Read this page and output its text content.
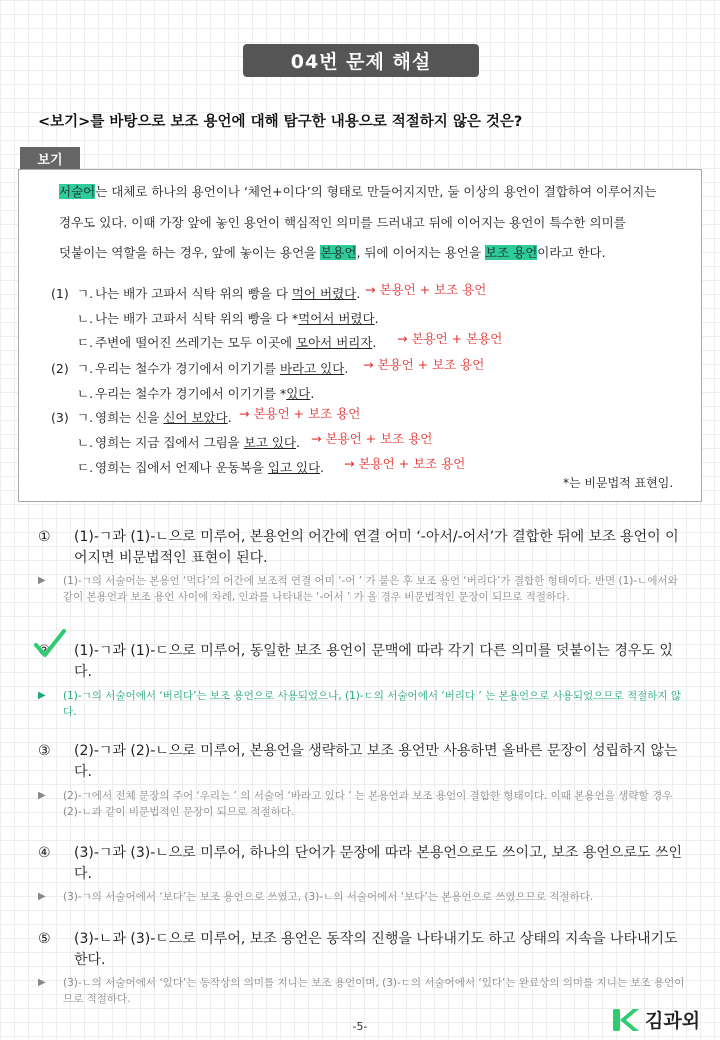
04번 문제 해설
<보기>를 바탕으로 보조 용언에 대해 탐구한 내용으로 적절하지 않은 것은?
보기
서술어는 대체로 하나의 용언이나 ‘체언+이다’의 형태로 만들어지지만, 둘 이상의 용언이 결합하여 이루어지는
경우도 있다. 이때 가장 앞에 놓인 용언이 핵심적인 의미를 드러내고 뒤에 이어지는 용언이 특수한 의미를
덧붙이는 역할을 하는 경우, 앞에 놓이는 용언을 본용언, 뒤에 이어지는 용언을 보조 용언이라고 한다.
(1) ㄱ. 나는 배가 고파서 식탁 위의 빵을 다 먹어 버렸다. → 본용언 + 보조 용언
ㄴ. 나는 배가 고파서 식탁 위의 빵을 다 *먹어서 버렸다.
ㄷ. 주변에 떨어진 쓰레기는 모두 이곳에 모아서 버리자. → 본용언 + 본용언
(2) ㄱ. 우리는 철수가 경기에서 이기기를 바라고 있다. → 본용언 + 보조 용언
ㄴ. 우리는 철수가 경기에서 이기기를 *있다.
(3) ㄱ. 영희는 신을 신어 보았다. → 본용언 + 보조 용언
ㄴ. 영희는 지금 집에서 그림을 보고 있다. → 본용언 + 보조 용언
ㄷ. 영희는 집에서 언제나 운동복을 입고 있다. → 본용언 + 보조 용언
*는 비문법적 표현임.
① (1)-ㄱ과 (1)-ㄴ으로 미루어, 본용언의 어간에 연결 어미 ‘-아서/-어서’가 결합한 뒤에 보조 용언이 이어지면 비문법적인 표현이 된다.
▶ (1)-ㄱ의 서술어는 본용언 ‘먹다’의 어간에 보조적 연결 어미 ‘-어 ’ 가 붙은 후 보조 용언 ‘버리다’가 결합한 형태이다. 반면 (1)-ㄴ에서와 같이 본용언과 보조 용언 사이에 차례, 인과를 나타내는 ‘-어서 ’ 가 올 경우 비문법적인 문장이 되므로 적절하다.
② (1)-ㄱ과 (1)-ㄷ으로 미루어, 동일한 보조 용언이 문맥에 따라 각기 다른 의미를 덧붙이는 경우도 있다.
▶ (1)-ㄱ의 서술어에서 ‘버리다’는 보조 용언으로 사용되었으나, (1)-ㄷ의 서술어에서 ‘버리다 ’ 는 본용언으로 사용되었으므로 적절하지 않다.
③ (2)-ㄱ과 (2)-ㄴ으로 미루어, 본용언을 생략하고 보조 용언만 사용하면 올바른 문장이 성립하지 않는다.
▶ (2)-ㄱ에서 전체 문장의 주어 ‘우리는 ’ 의 서술어 ‘바라고 있다 ’ 는 본용언과 보조 용언이 결합한 형태이다. 이때 본용언을 생략할 경우 (2)-ㄴ과 같이 비문법적인 문장이 되므로 적절하다.
④ (3)-ㄱ과 (3)-ㄴ으로 미루어, 하나의 단어가 문장에 따라 본용언으로도 쓰이고, 보조 용언으로도 쓰인다.
▶ (3)-ㄱ의 서술어에서 ‘보다’는 보조 용언으로 쓰였고, (3)-ㄴ의 서술어에서 ‘보다’는 본용언으로 쓰였으므로 적절하다.
⑤ (3)-ㄴ과 (3)-ㄷ으로 미루어, 보조 용언은 동작의 진행을 나타내기도 하고 상태의 지속을 나타내기도 한다.
▶ (3)-ㄴ의 서술어에서 ‘있다’는 동작상의 의미를 지니는 보조 용언이며, (3)-ㄷ의 서술어에서 ‘있다’는 완료상의 의미를 지니는 보조 용언이므로 적절하다.
-5-	김과외
